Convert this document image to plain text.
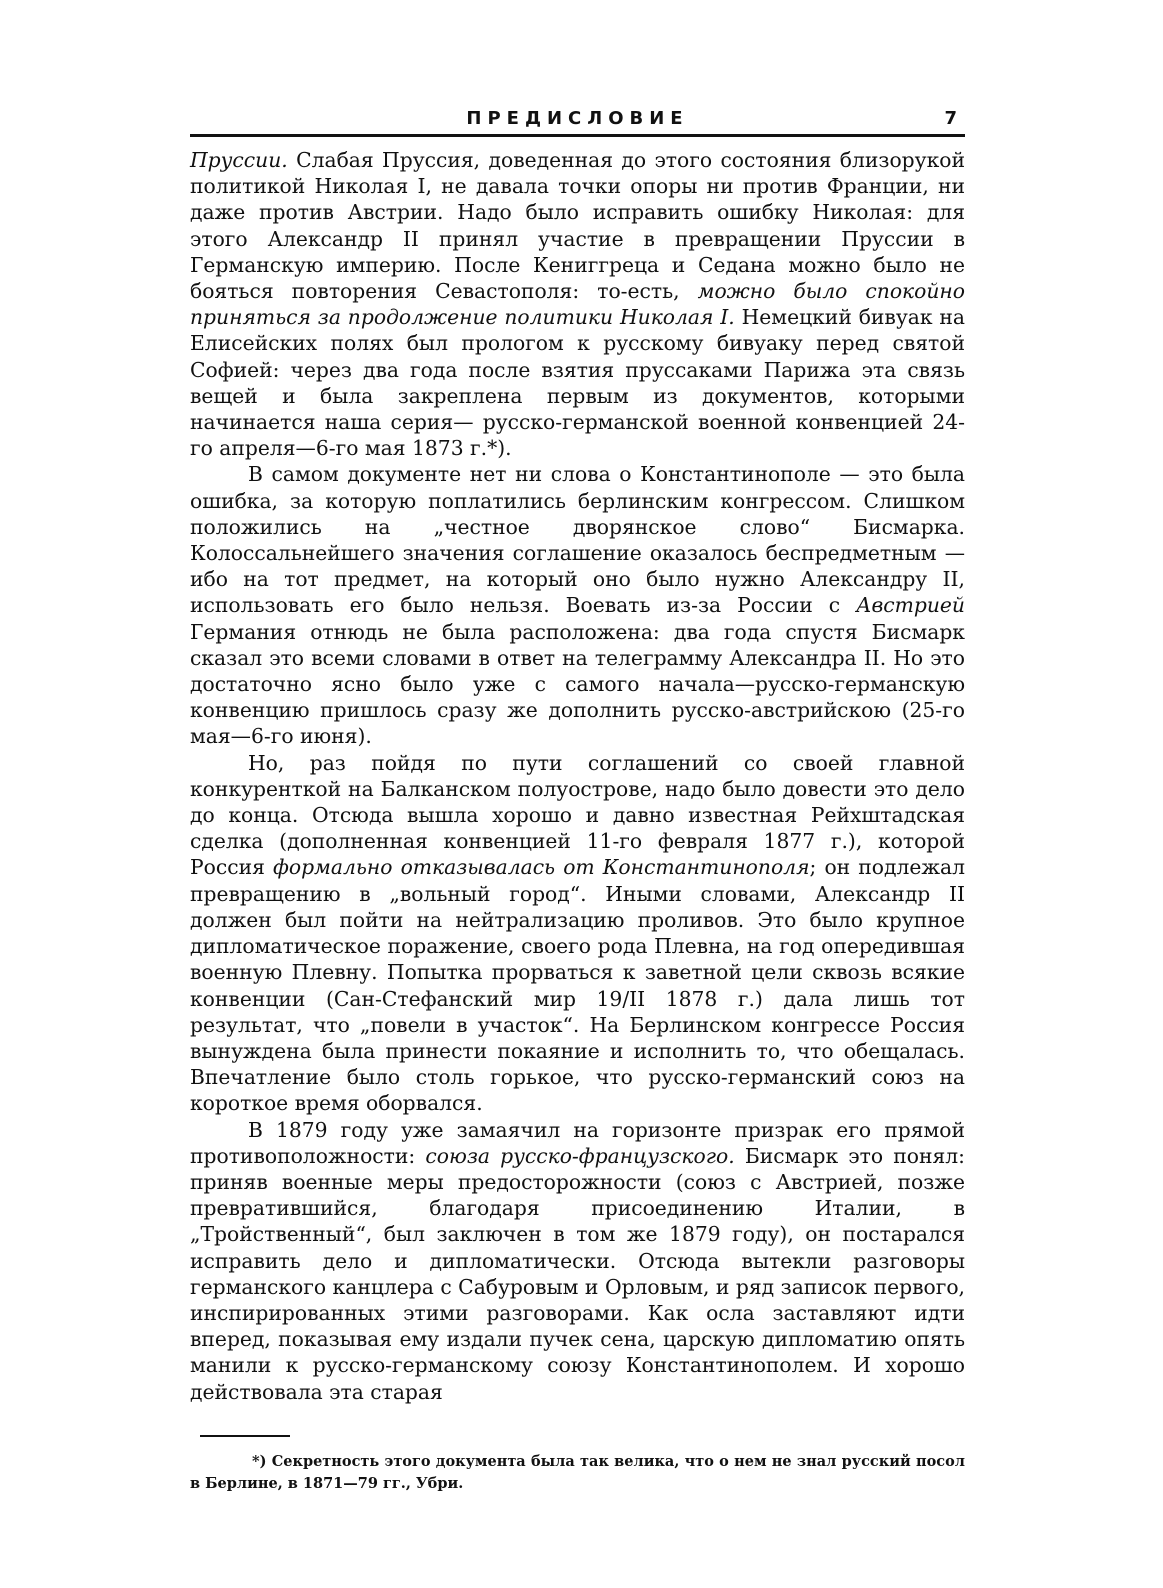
ПРЕДИСЛОВИЕ	7

Пруссии. Слабая Пруссия, доведенная до этого состояния близорукой политикой Николая I, не давала точки опоры ни против Франции, ни даже против Австрии. Надо было исправить ошибку Николая: для этого Александр II принял участие в превращении Пруссии в Германскую империю. После Кениггреца и Седана можно было не бояться повторения Севастополя: то-есть, можно было спокойно приняться за продолжение политики Николая I. Немецкий бивуак на Елисейских полях был прологом к русскому бивуаку перед святой Софией: через два года после взятия пруссаками Парижа эта связь вещей и была закреплена первым из документов, которыми начинается наша серия— русско-германской военной конвенцией 24-го апреля—6-го мая 1873 г.*).

В самом документе нет ни слова о Константинополе — это была ошибка, за которую поплатились берлинским конгрессом. Слишком положились на „честное дворянское слово“ Бисмарка. Колоссальнейшего значения соглашение оказалось беспредметным — ибо на тот предмет, на который оно было нужно Александру II, использовать его было нельзя. Воевать из-за России с Австрией Германия отнюдь не была расположена: два года спустя Бисмарк сказал это всеми словами в ответ на телеграмму Александра II. Но это достаточно ясно было уже с самого начала—русско-германскую конвенцию пришлось сразу же дополнить русско-австрийскою (25-го мая—6-го июня).

Но, раз пойдя по пути соглашений со своей главной конкуренткой на Балканском полуострове, надо было довести это дело до конца. Отсюда вышла хорошо и давно известная Рейхштадская сделка (дополненная конвенцией 11-го февраля 1877 г.), которой Россия формально отказывалась от Константинополя; он подлежал превращению в „вольный город“. Иными словами, Александр II должен был пойти на нейтрализацию проливов. Это было крупное дипломатическое поражение, своего рода Плевна, на год опередившая военную Плевну. Попытка прорваться к заветной цели сквозь всякие конвенции (Сан-Стефанский мир 19/II 1878 г.) дала лишь тот результат, что „повели в участок“. На Берлинском конгрессе Россия вынуждена была принести покаяние и исполнить то, что обещалась. Впечатление было столь горькое, что русско-германский союз на короткое время оборвался.

В 1879 году уже замаячил на горизонте призрак его прямой противоположности: союза русско-французского. Бисмарк это понял: приняв военные меры предосторожности (союз с Австрией, позже превратившийся, благодаря присоединению Италии, в „Тройственный“, был заключен в том же 1879 году), он постарался исправить дело и дипломатически. Отсюда вытекли разговоры германского канцлера с Сабуровым и Орловым, и ряд записок первого, инспирированных этими разговорами. Как осла заставляют идти вперед, показывая ему издали пучек сена, царскую дипломатию опять манили к русско-германскому союзу Константинополем. И хорошо действовала эта старая

*) Секретность этого документа была так велика, что о нем не знал русский посол в Берлине, в 1871—79 гг., Убри.
